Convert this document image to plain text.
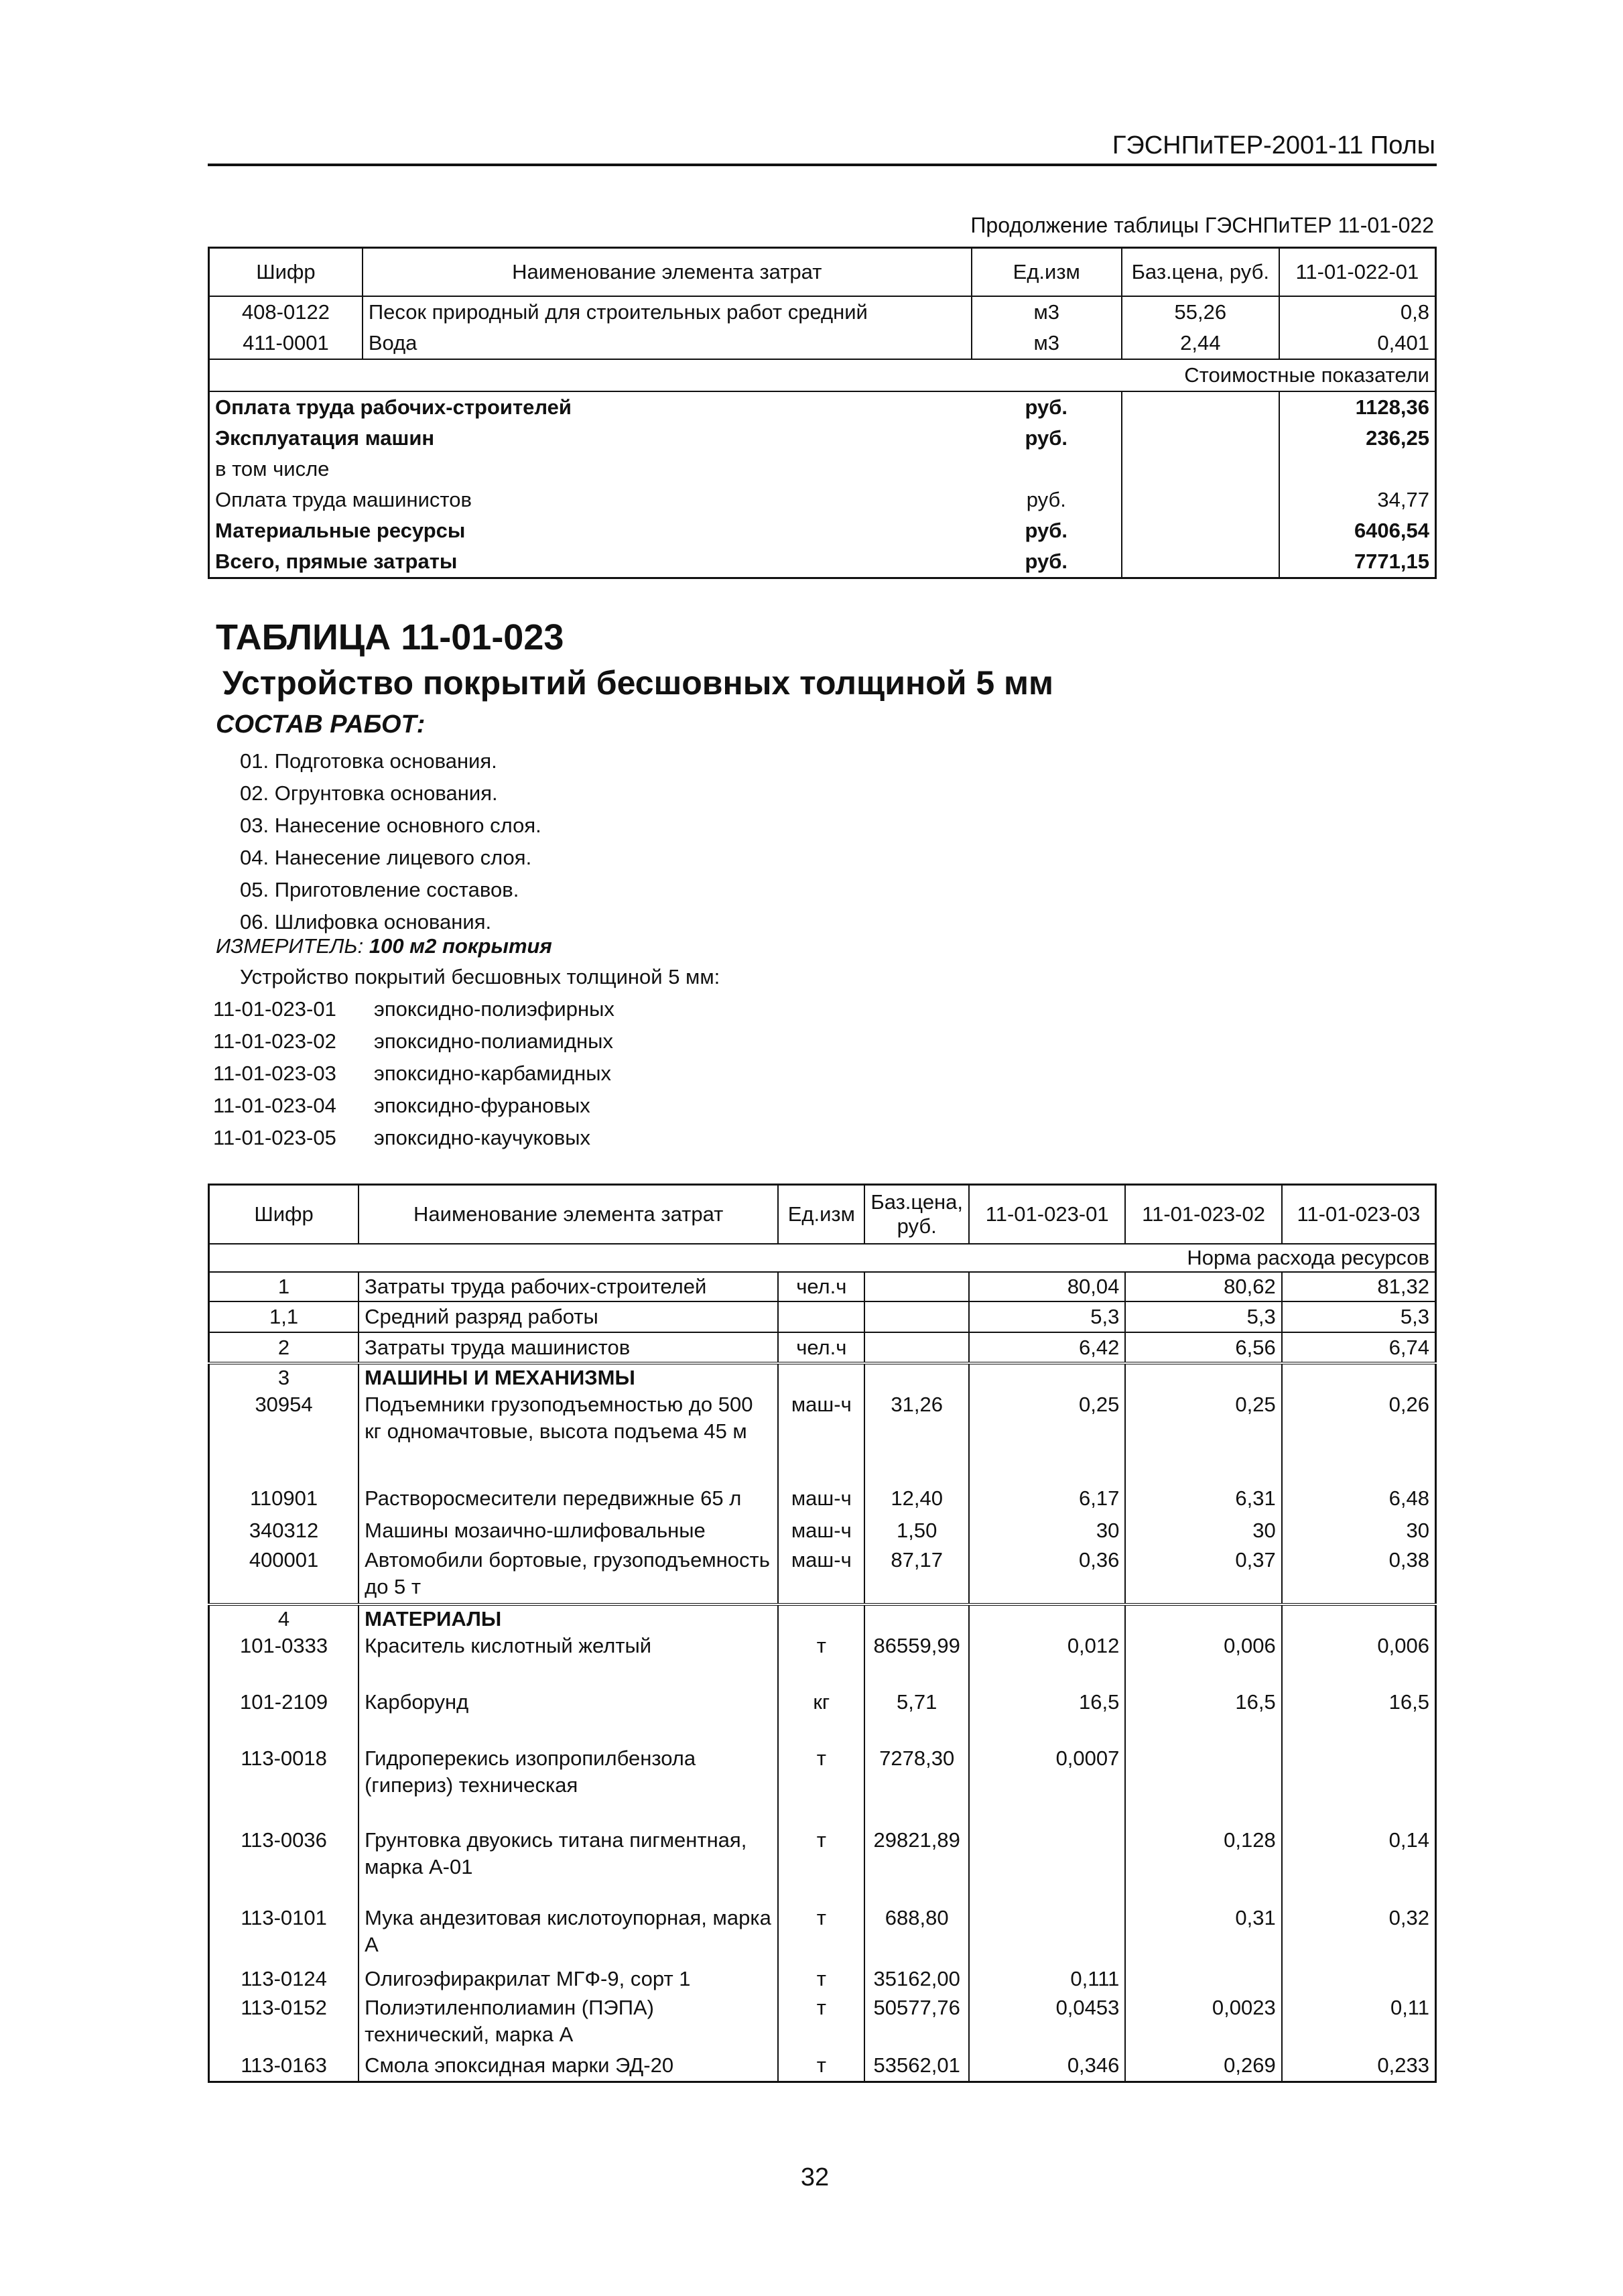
ГЭСНПиТЕР-2001-11 Полы
Продолжение таблицы ГЭСНПиТЕР 11-01-022
Шифр	Наименование элемента затрат	Ед.изм	Баз.цена, руб.	11-01-022-01
408-0122	Песок природный для строительных работ средний	м3	55,26	0,8
411-0001	Вода	м3	2,44	0,401
Стоимостные показатели				
Оплата труда рабочих-строителей		руб.		1128,36
Эксплуатация машин		руб.		236,25
в том числе				
Оплата труда машинистов		руб.		34,77
Материальные ресурсы		руб.		6406,54
Всего, прямые затраты		руб.		7771,15
ТАБЛИЦА 11-01-023
Устройство покрытий бесшовных толщиной 5 мм
СОСТАВ РАБОТ:
01. Подготовка основания.
02. Огрунтовка основания.
03. Нанесение основного слоя.
04. Нанесение лицевого слоя.
05. Приготовление составов.
06. Шлифовка основания.
ИЗМЕРИТЕЛЬ: 100 м2 покрытия
Устройство покрытий бесшовных толщиной 5 мм:
11-01-023-01 эпоксидно-полиэфирных
11-01-023-02 эпоксидно-полиамидных
11-01-023-03 эпоксидно-карбамидных
11-01-023-04 эпоксидно-фурановых
11-01-023-05 эпоксидно-каучуковых
Шифр	Наименование элемента затрат	Ед.изм	Баз.цена, руб.	11-01-023-01	11-01-023-02	11-01-023-03
Норма расхода ресурсов						
1	Затраты труда рабочих-строителей	чел.ч		80,04	80,62	81,32
1,1	Средний разряд работы			5,3	5,3	5,3
2	Затраты труда машинистов	чел.ч		6,42	6,56	6,74
3	МАШИНЫ И МЕХАНИЗМЫ					
30954	Подъемники грузоподъемностью до 500 кг одномачтовые, высота подъема 45 м	маш-ч	31,26	0,25	0,25	0,26
110901	Растворосмесители передвижные 65 л	маш-ч	12,40	6,17	6,31	6,48
340312	Машины мозаично-шлифовальные	маш-ч	1,50	30	30	30
400001	Автомобили бортовые, грузоподъемность до 5 т	маш-ч	87,17	0,36	0,37	0,38
4	МАТЕРИАЛЫ					
101-0333	Краситель кислотный желтый	т	86559,99	0,012	0,006	0,006
101-2109	Карборунд	кг	5,71	16,5	16,5	16,5
113-0018	Гидроперекись изопропилбензола (гипериз) техническая	т	7278,30	0,0007		
113-0036	Грунтовка двуокись титана пигментная, марка А-01	т	29821,89		0,128	0,14
113-0101	Мука андезитовая кислотоупорная, марка А	т	688,80		0,31	0,32
113-0124	Олигоэфиракрилат МГФ-9, сорт 1	т	35162,00	0,111		
113-0152	Полиэтиленполиамин (ПЭПА) технический, марка А	т	50577,76	0,0453	0,0023	0,11
113-0163	Смола эпоксидная марки ЭД-20	т	53562,01	0,346	0,269	0,233
32
